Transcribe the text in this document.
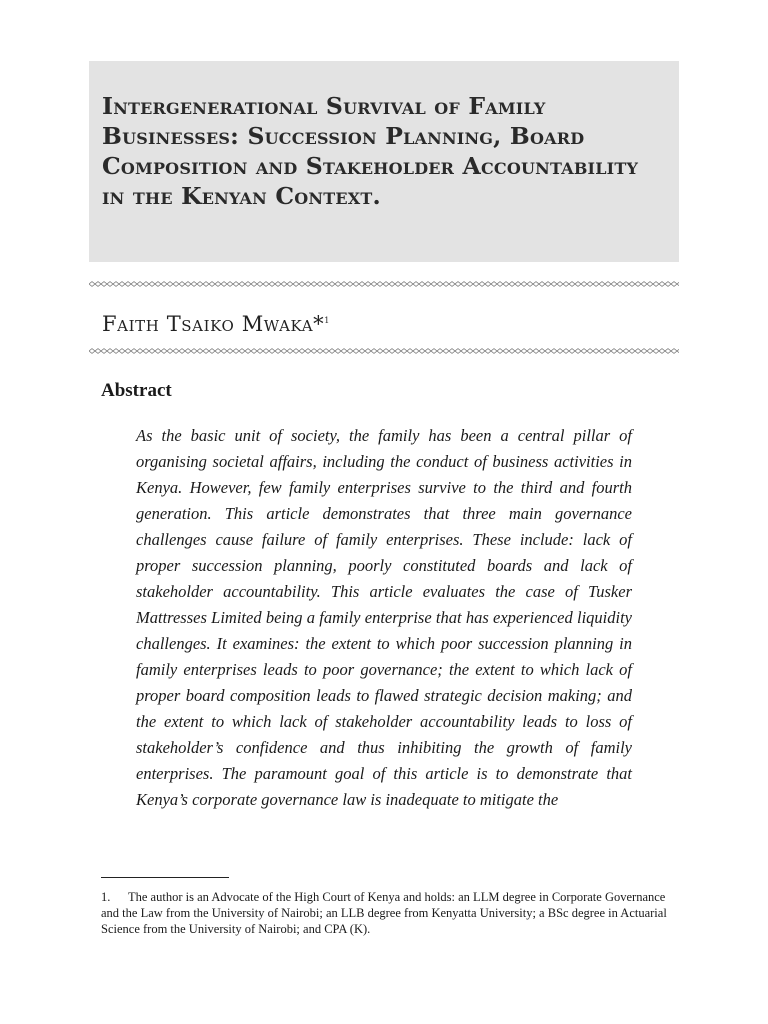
Intergenerational Survival of Family Businesses: Succession Planning, Board Composition and Stakeholder Accountability in the Kenyan Context.
Faith Tsaiko Mwaka*$^1$
Abstract

As the basic unit of society, the family has been a central pillar of organising societal affairs, including the conduct of business activities in Kenya. However, few family enterprises survive to the third and fourth generation. This article demonstrates that three main governance challenges cause failure of family enterprises. These include: lack of proper succession planning, poorly constituted boards and lack of stakeholder accountability. This article evaluates the case of Tusker Mattresses Limited being a family enterprise that has experienced liquidity challenges. It examines: the extent to which poor succession planning in family enterprises leads to poor governance; the extent to which lack of proper board composition leads to flawed strategic decision making; and the extent to which lack of stakeholder accountability leads to loss of stakeholder’s confidence and thus inhibiting the growth of family enterprises. The paramount goal of this article is to demonstrate that Kenya’s corporate governance law is inadequate to mitigate the

1. The author is an Advocate of the High Court of Kenya and holds: an LLM degree in Corporate Governance and the Law from the University of Nairobi; an LLB degree from Kenyatta University; a BSc degree in Actuarial Science from the University of Nairobi; and CPA (K).
